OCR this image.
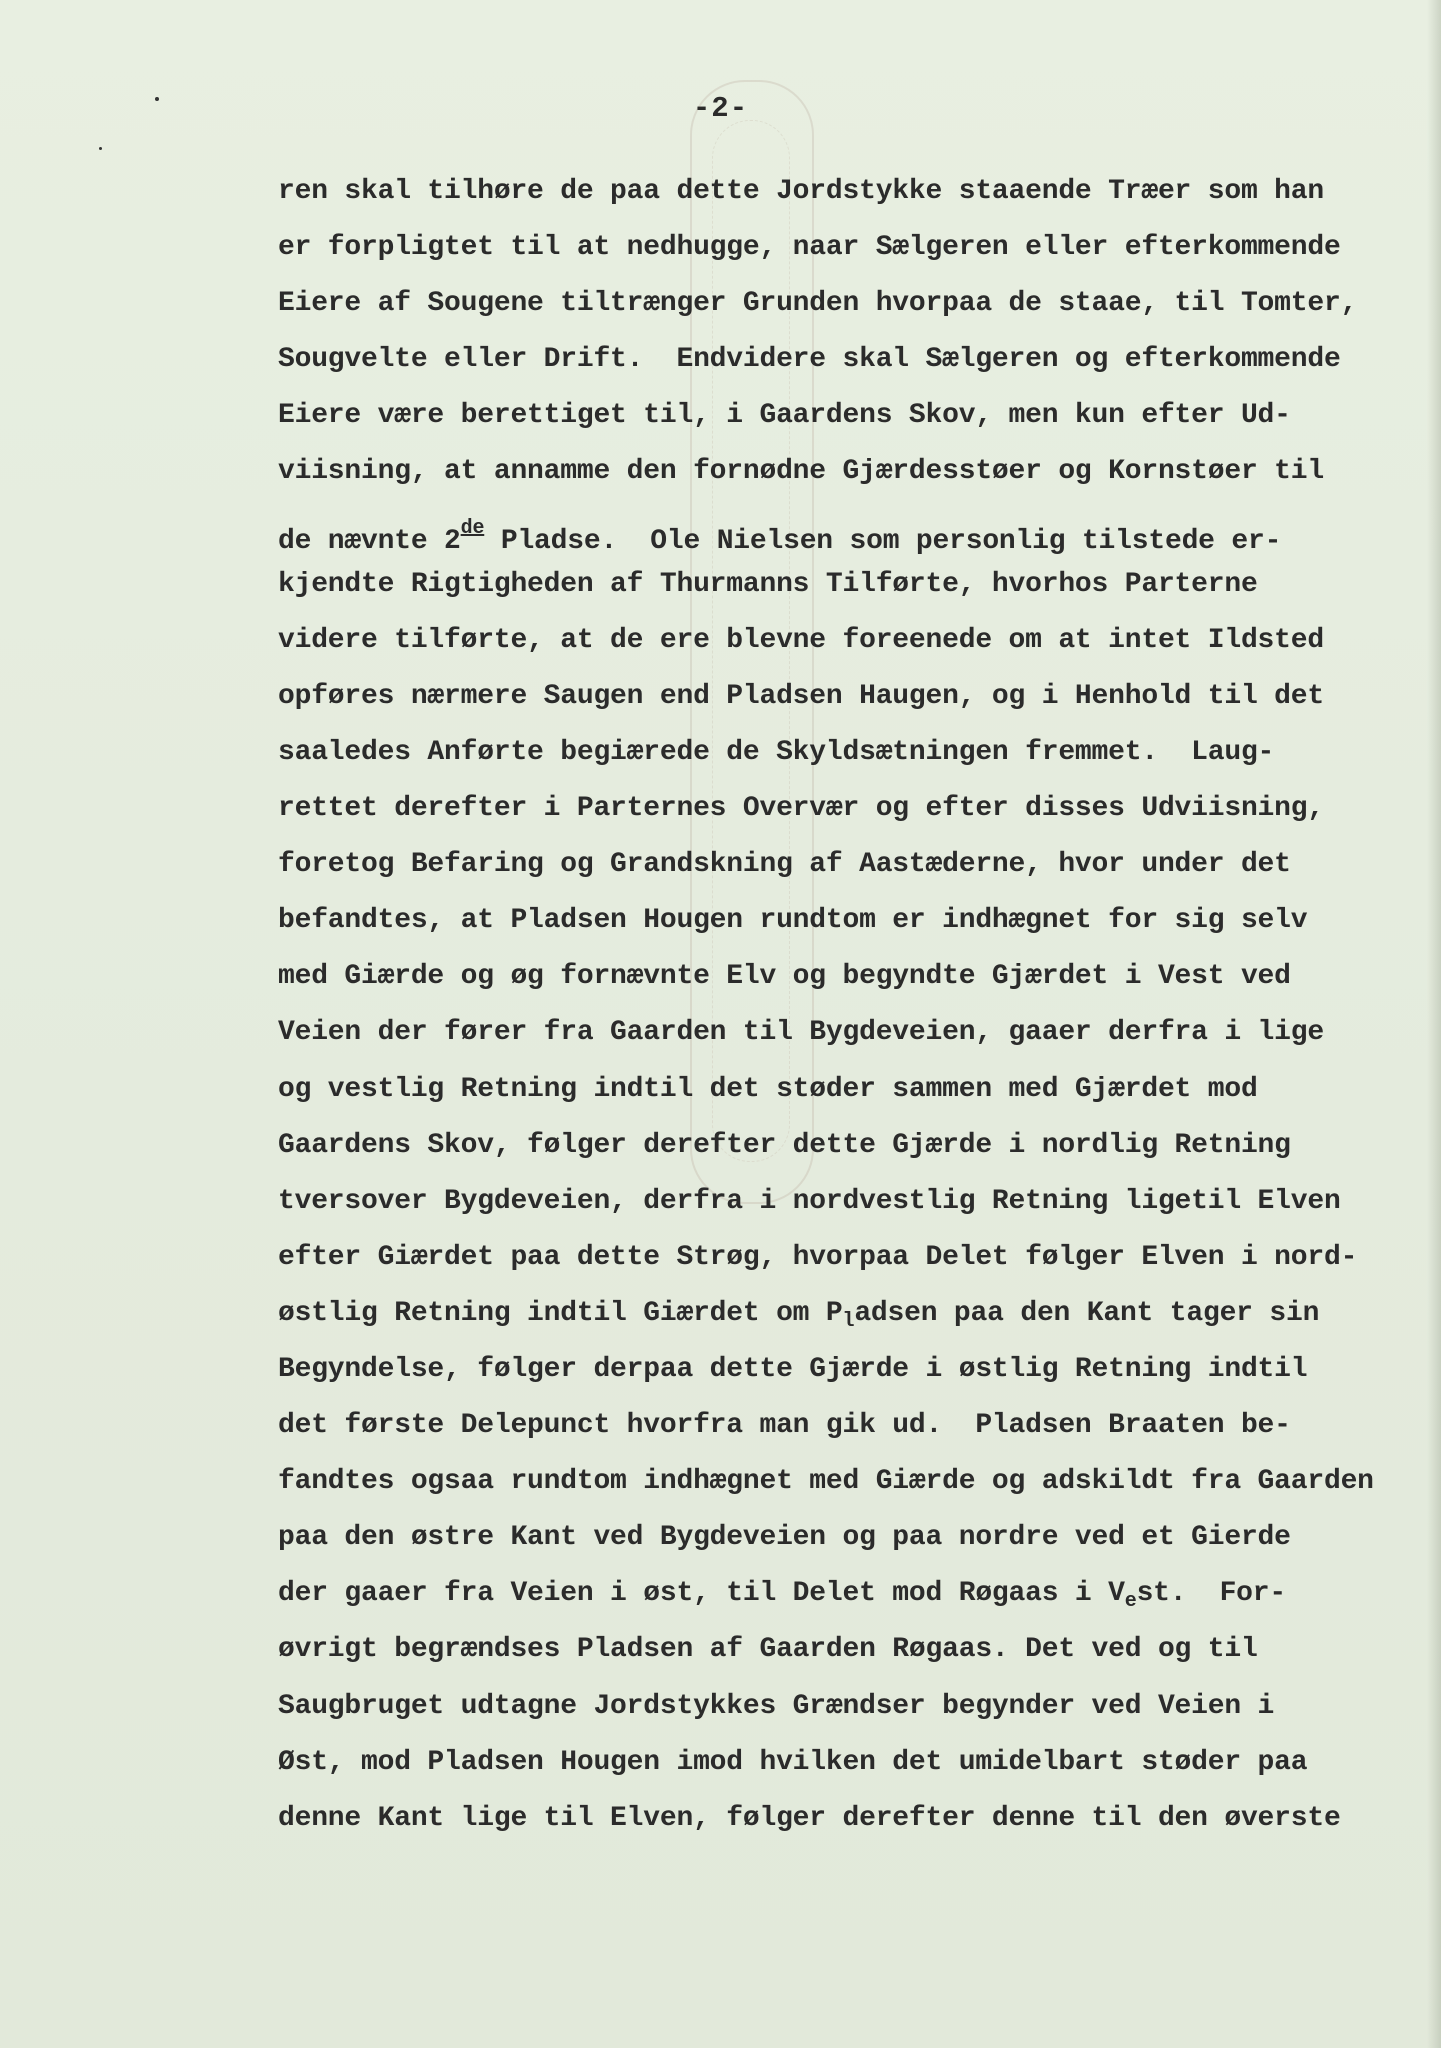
-2-
ren skal tilhøre de paa dette Jordstykke staaende Træer som han
er forpligtet til at nedhugge, naar Sælgeren eller efterkommende
Eiere af Sougene tiltrænger Grunden hvorpaa de staae, til Tomter,
Sougvelte eller Drift.  Endvidere skal Sælgeren og efterkommende
Eiere være berettiget til, i Gaardens Skov, men kun efter Ud-
viisning, at annamme den fornødne Gjærdesstøer og Kornstøer til
de nævnte 2de Pladse.  Ole Nielsen som personlig tilstede er-
kjendte Rigtigheden af Thurmanns Tilførte, hvorhos Parterne
videre tilførte, at de ere blevne foreenede om at intet Ildsted
opføres nærmere Saugen end Pladsen Haugen, og i Henhold til det
saaledes Anførte begiærede de Skyldsætningen fremmet.  Laug-
rettet derefter i Parternes Overvær og efter disses Udviisning,
foretog Befaring og Grandskning af Aastæderne, hvor under det
befandtes, at Pladsen Hougen rundtom er indhægnet for sig selv
med Giærde og øg fornævnte Elv og begyndte Gjærdet i Vest ved
Veien der fører fra Gaarden til Bygdeveien, gaaer derfra i lige
og vestlig Retning indtil det støder sammen med Gjærdet mod
Gaardens Skov, følger derefter dette Gjærde i nordlig Retning
tversover Bygdeveien, derfra i nordvestlig Retning ligetil Elven
efter Giærdet paa dette Strøg, hvorpaa Delet følger Elven i nord-
østlig Retning indtil Giærdet om $P_ladsen$ paa den Kant tager sin
Begyndelse, følger derpaa dette Gjærde i østlig Retning indtil
det første Delepunct hvorfra man gik ud.  Pladsen Braaten be-
fandtes ogsaa rundtom indhægnet med Giærde og adskildt fra Gaarden
paa den østre Kant ved Bygdeveien og paa nordre ved et Gierde
der gaaer fra Veien i øst, til Delet mod Røgaas i $V_est$.  For-
øvrigt begrændses Pladsen af Gaarden Røgaas. Det ved og til
Saugbruget udtagne Jordstykkes Grændser begynder ved Veien i
Øst, mod Pladsen Hougen imod hvilken det umidelbart støder paa
denne Kant lige til Elven, følger derefter denne til den øverste
